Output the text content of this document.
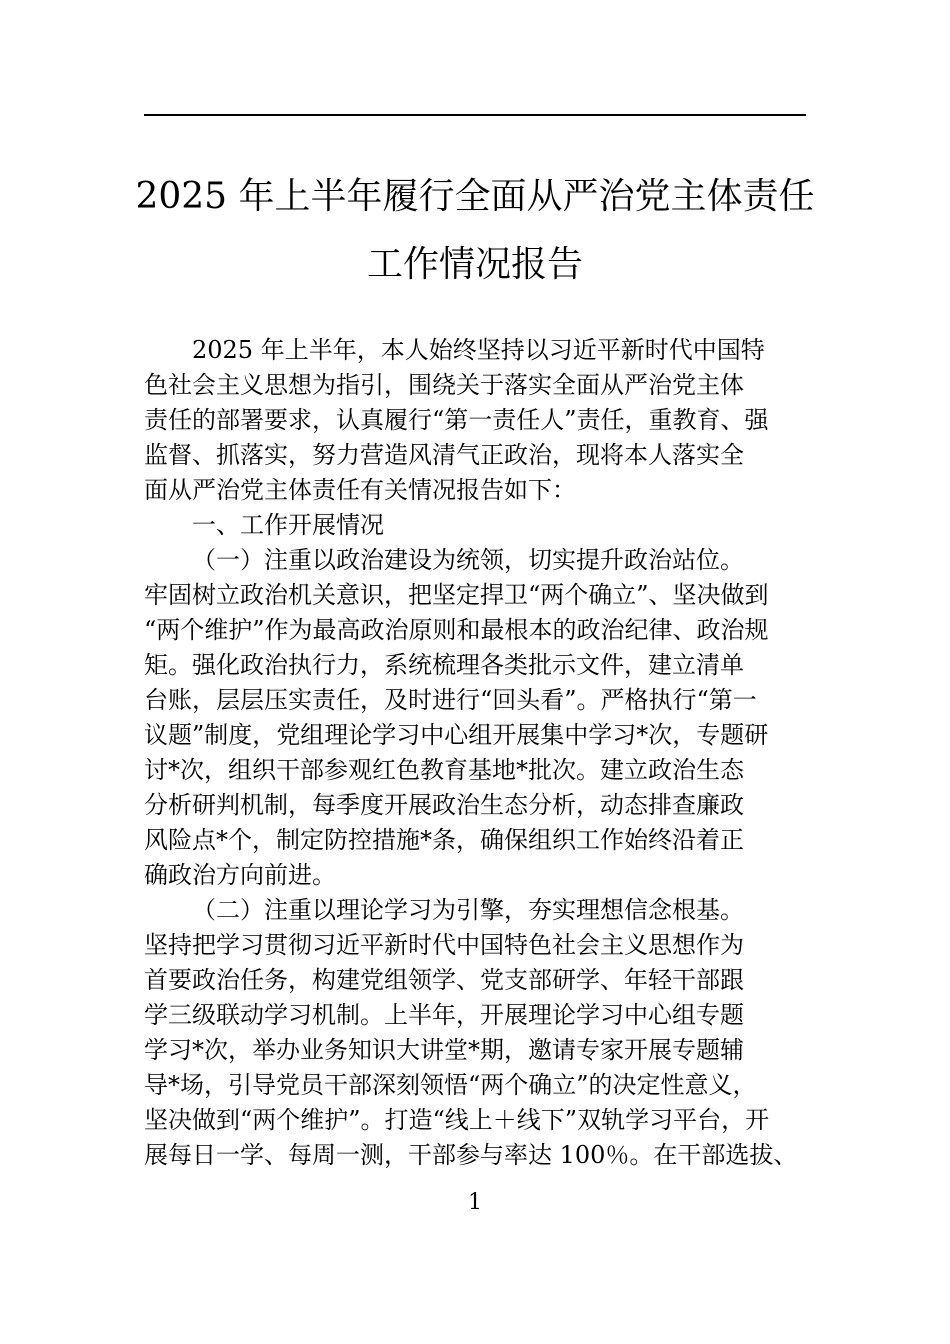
2025 年上半年履行全面从严治党主体责任
工作情况报告
2025 年上半年，本人始终坚持以习近平新时代中国特
色社会主义思想为指引，围绕关于落实全面从严治党主体
责任的部署要求，认真履行“第一责任人”责任，重教育、强
监督、抓落实，努力营造风清气正政治，现将本人落实全
面从严治党主体责任有关情况报告如下：
一、工作开展情况
（一）注重以政治建设为统领，切实提升政治站位。
牢固树立政治机关意识，把坚定捍卫“两个确立”、坚决做到
“两个维护”作为最高政治原则和最根本的政治纪律、政治规
矩。强化政治执行力，系统梳理各类批示文件，建立清单
台账，层层压实责任，及时进行“回头看”。严格执行“第一
议题”制度，党组理论学习中心组开展集中学习*次，专题研
讨*次，组织干部参观红色教育基地*批次。建立政治生态
分析研判机制，每季度开展政治生态分析，动态排查廉政
风险点*个，制定防控措施*条，确保组织工作始终沿着正
确政治方向前进。
（二）注重以理论学习为引擎，夯实理想信念根基。
坚持把学习贯彻习近平新时代中国特色社会主义思想作为
首要政治任务，构建党组领学、党支部研学、年轻干部跟
学三级联动学习机制。上半年，开展理论学习中心组专题
学习*次，举办业务知识大讲堂*期，邀请专家开展专题辅
导*场，引导党员干部深刻领悟“两个确立”的决定性意义，
坚决做到“两个维护”。打造“线上＋线下”双轨学习平台，开
展每日一学、每周一测，干部参与率达 100％。在干部选拔、
1
